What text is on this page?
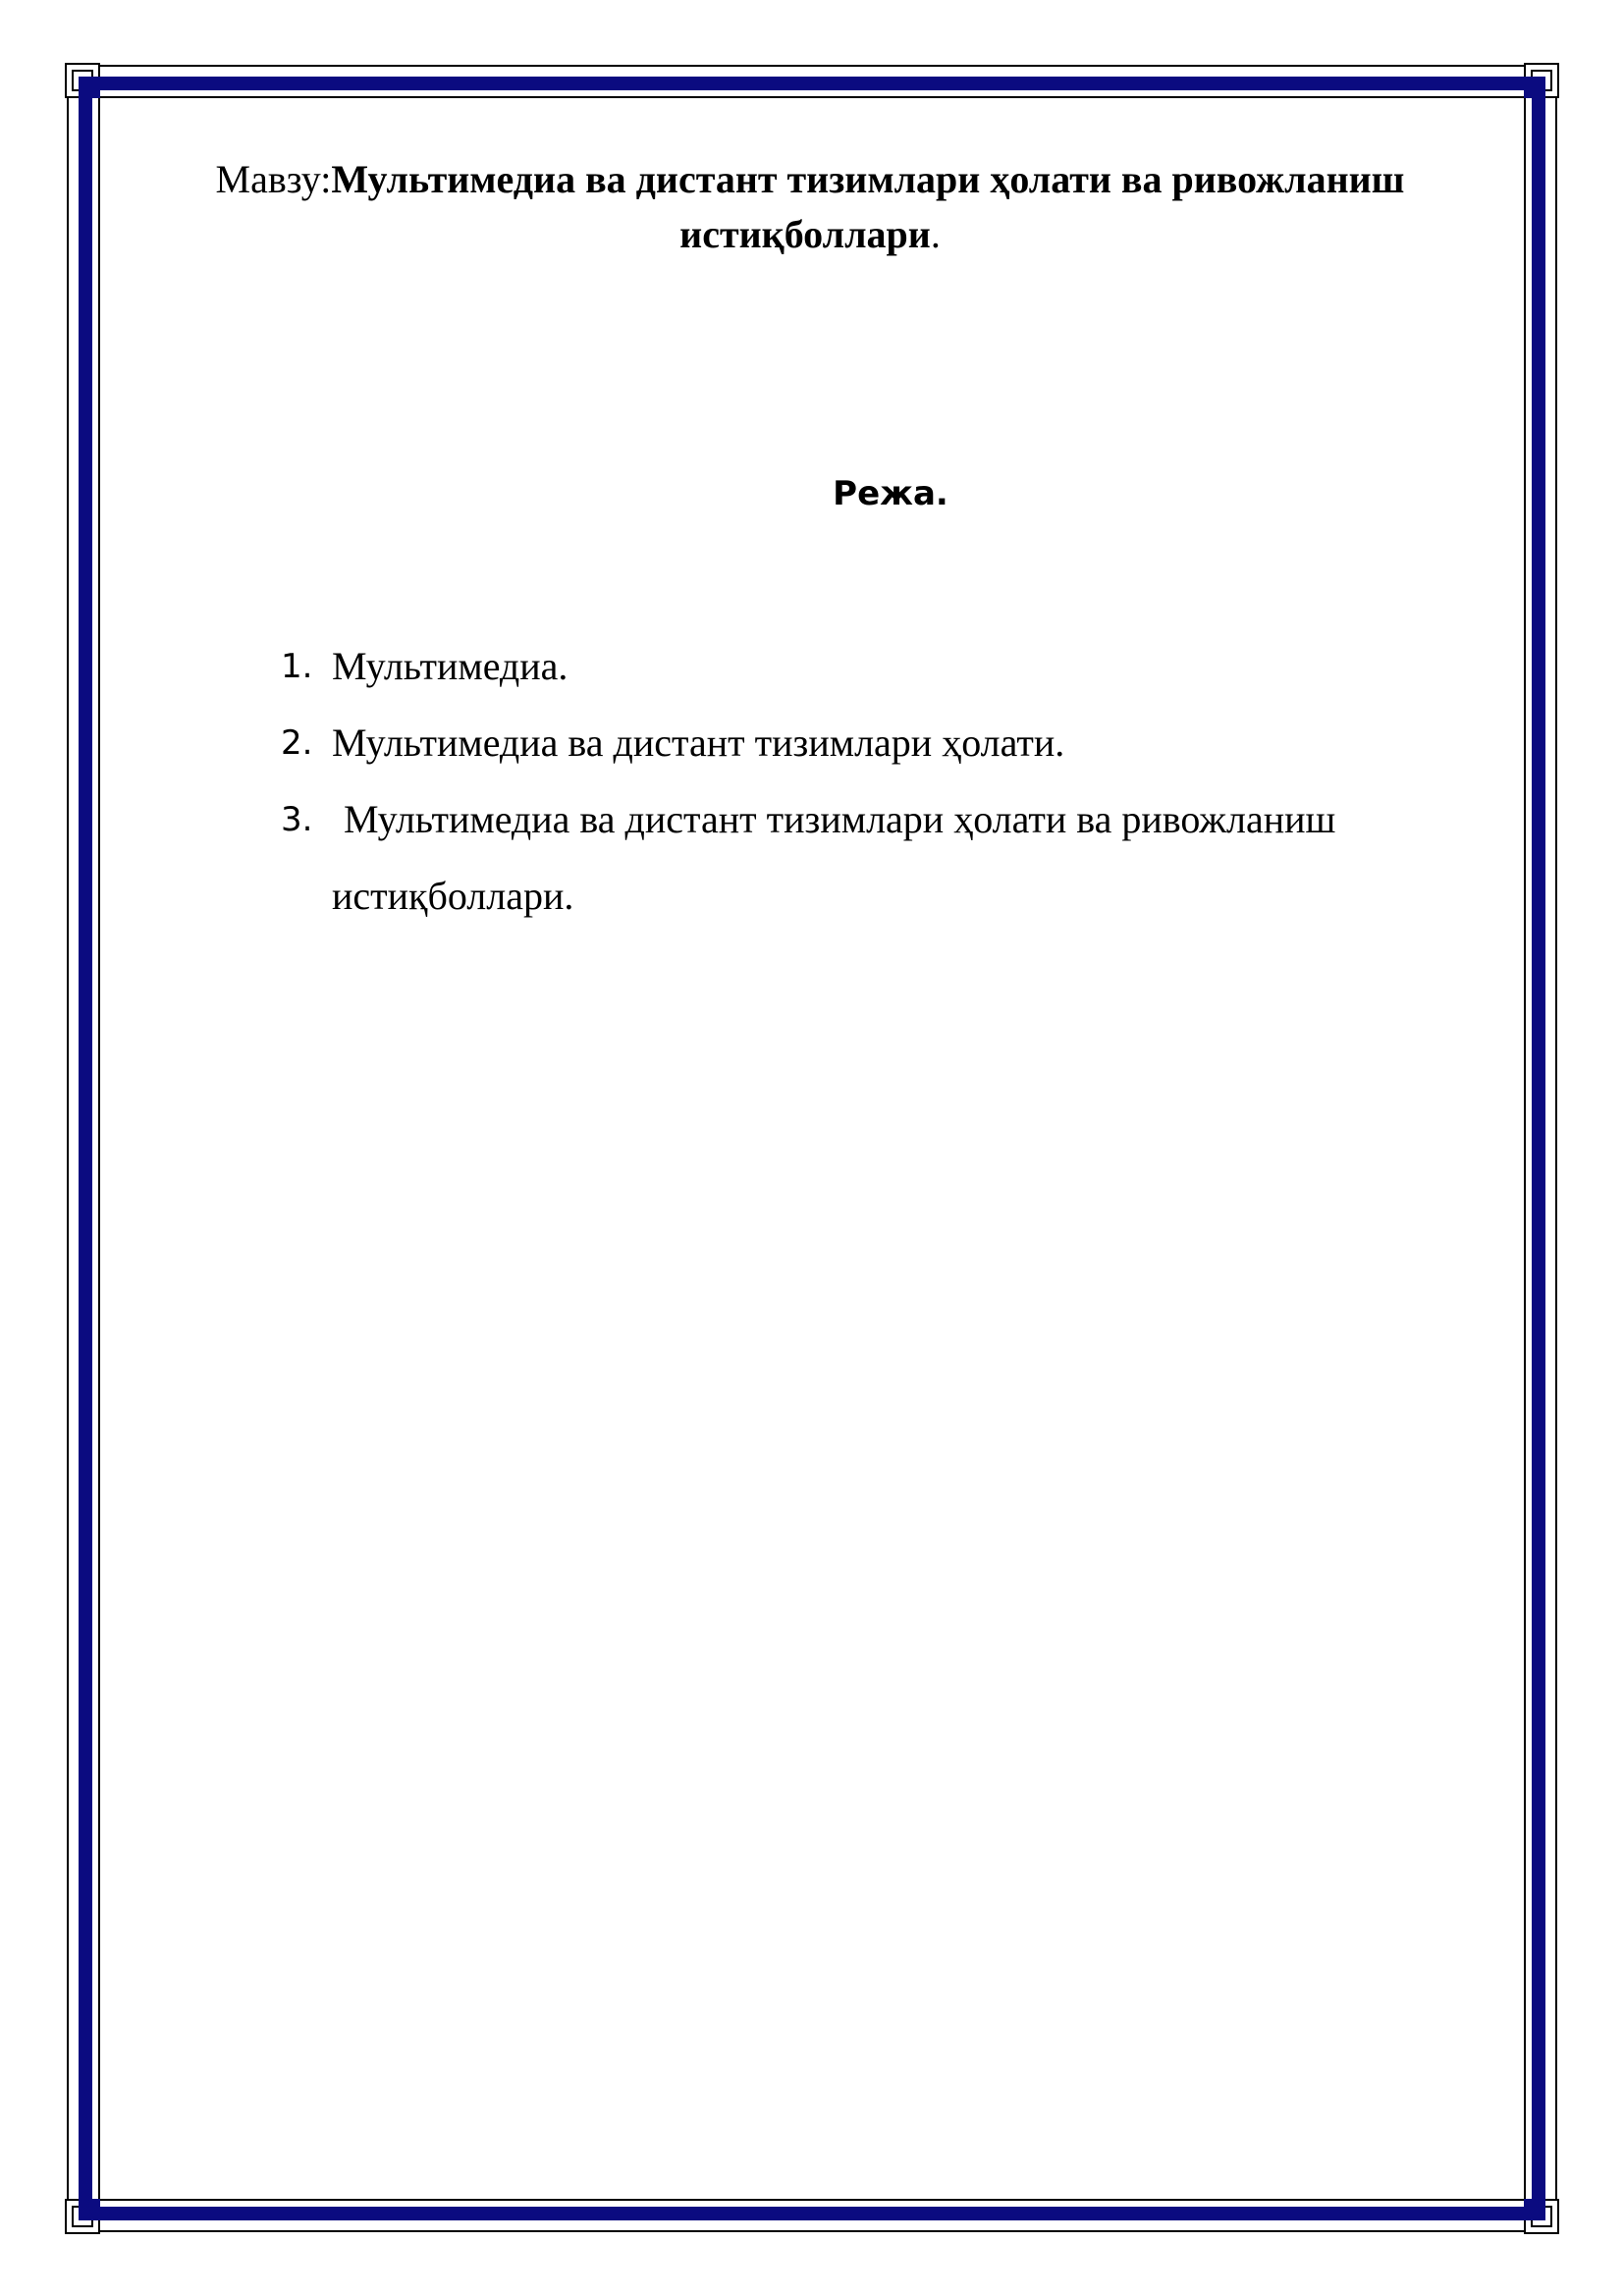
Мавзу:Мультимедиа ва дистант тизимлари ҳолати ва ривожланиш истиқболлари.
Режа.
1. Мультимедиа.
2. Мультимедиа ва дистант тизимлари ҳолати.
3. Мультимедиа ва дистант тизимлари ҳолати ва ривожланиш истиқболлари.
